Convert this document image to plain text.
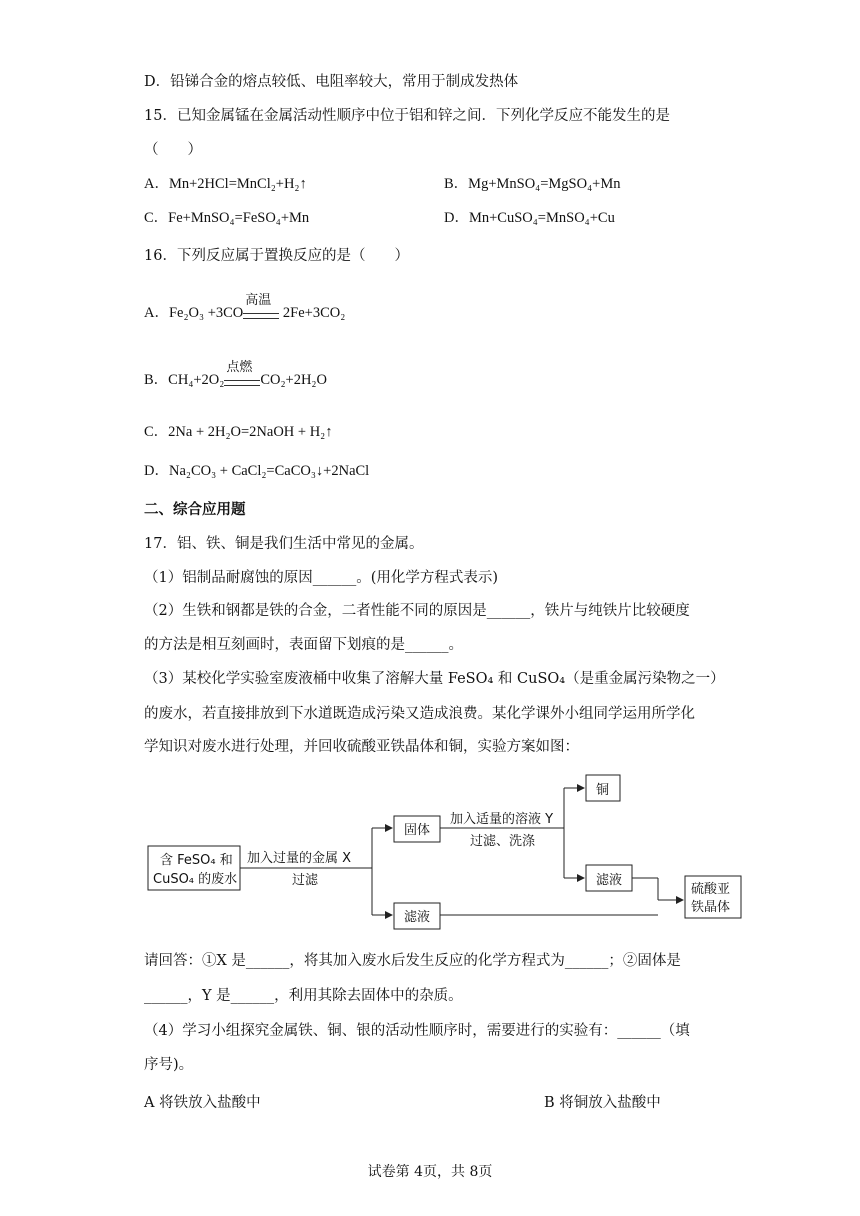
D．铅锑合金的熔点较低、电阻率较大，常用于制成发热体
15．已知金属锰在金属活动性顺序中位于铝和锌之间．下列化学反应不能发生的是
（　　）
A．Mn+2HCl=MnCl₂+H₂↑	B．Mg+MnSO₄=MgSO₄+Mn
C．Fe+MnSO₄=FeSO₄+Mn	D．Mn+CuSO₄=MnSO₄+Cu
16．下列反应属于置换反应的是（　　）
A．Fe₂O₃ +3CO
高温
2Fe+3CO₂
B．CH₄+2O₂
点燃
CO₂+2H₂O
C．2Na + 2H₂O=2NaOH + H₂↑
D．Na₂CO₃ + CaCl₂=CaCO₃↓+2NaCl
二、综合应用题
17．铝、铁、铜是我们生活中常见的金属。
（1）铝制品耐腐蚀的原因______。(用化学方程式表示)
（2）生铁和钢都是铁的合金，二者性能不同的原因是______，铁片与纯铁片比较硬度
的方法是相互刻画时，表面留下划痕的是______。
（3）某校化学实验室废液桶中收集了溶解大量 FeSO₄ 和 CuSO₄（是重金属污染物之一）
的废水，若直接排放到下水道既造成污染又造成浪费。某化学课外小组同学运用所学化
学知识对废水进行处理，并回收硫酸亚铁晶体和铜，实验方案如图：
含 FeSO₄ 和
CuSO₄ 的废水
加入过量的金属 X
过滤
固体
滤液
加入适量的溶液 Y
过滤、洗涤
铜
滤液
硫酸亚
铁晶体
请回答：①X 是______，将其加入废水后发生反应的化学方程式为______；②固体是
______，Y 是______，利用其除去固体中的杂质。
（4）学习小组探究金属铁、铜、银的活动性顺序时，需要进行的实验有：______（填
序号)。
A 将铁放入盐酸中	B 将铜放入盐酸中
试卷第 4页，共 8页
